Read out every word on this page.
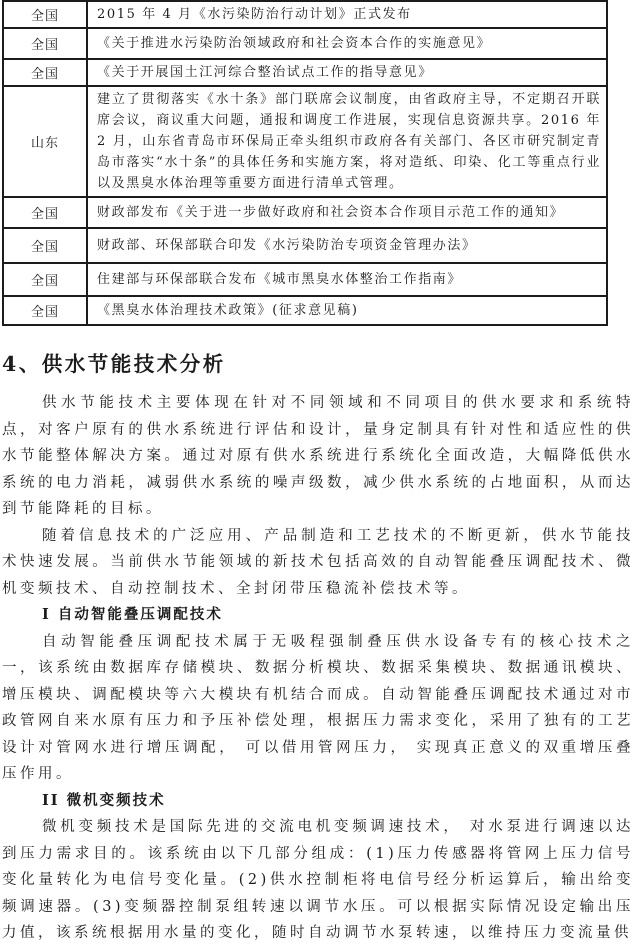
全国	2015 年 4 月《水污染防治行动计划》正式发布
全国	《关于推进水污染防治领域政府和社会资本合作的实施意见》
全国	《关于开展国土江河综合整治试点工作的指导意见》
山东	建立了贯彻落实《水十条》部门联席会议制度，由省政府主导，不定期召开联席会议，商议重大问题，通报和调度工作进展，实现信息资源共享。2016 年 2 月，山东省青岛市环保局正牵头组织市政府各有关部门、各区市研究制定青岛市落实“水十条”的具体任务和实施方案，将对造纸、印染、化工等重点行业以及黑臭水体治理等重要方面进行清单式管理。
全国	财政部发布《关于进一步做好政府和社会资本合作项目示范工作的通知》
全国	财政部、环保部联合印发《水污染防治专项资金管理办法》
全国	住建部与环保部联合发布《城市黑臭水体整治工作指南》
全国	《黑臭水体治理技术政策》(征求意见稿)
4、供水节能技术分析

供水节能技术主要体现在针对不同领域和不同项目的供水要求和系统特点，对客户原有的供水系统进行评估和设计，量身定制具有针对性和适应性的供水节能整体解决方案。通过对原有供水系统进行系统化全面改造，大幅降低供水系统的电力消耗，减弱供水系统的噪声级数，减少供水系统的占地面积，从而达到节能降耗的目标。

随着信息技术的广泛应用、产品制造和工艺技术的不断更新，供水节能技术快速发展。当前供水节能领域的新技术包括高效的自动智能叠压调配技术、微机变频技术、自动控制技术、全封闭带压稳流补偿技术等。

I 自动智能叠压调配技术

自动智能叠压调配技术属于无吸程强制叠压供水设备专有的核心技术之一，该系统由数据库存储模块、数据分析模块、数据采集模块、数据通讯模块、增压模块、调配模块等六大模块有机结合而成。自动智能叠压调配技术通过对市政管网自来水原有压力和予压补偿处理，根据压力需求变化，采用了独有的工艺设计对管网水进行增压调配， 可以借用管网压力， 实现真正意义的双重增压叠压作用。

II 微机变频技术

微机变频技术是国际先进的交流电机变频调速技术， 对水泵进行调速以达到压力需求目的。该系统由以下几部分组成：(1)压力传感器将管网上压力信号变化量转化为电信号变化量。(2)供水控制柜将电信号经分析运算后，输出给变频调速器。(3)变频器控制泵组转速以调节水压。可以根据实际情况设定输出压力值，该系统根据用水量的变化，随时自动调节水泵转速，以维持压力变流量供
